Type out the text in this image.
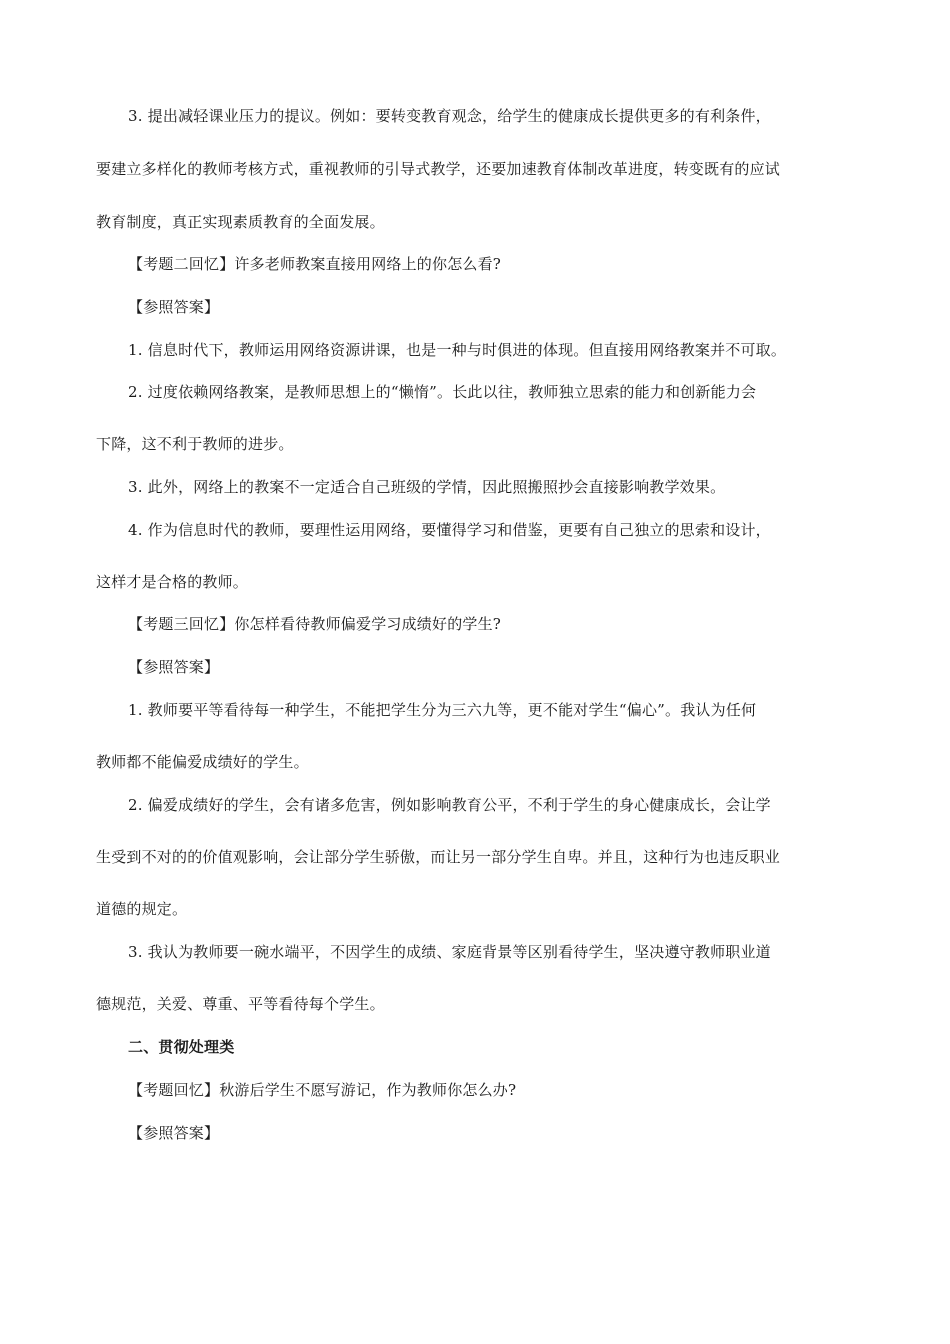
3. 提出减轻课业压力的提议。例如：要转变教育观念，给学生的健康成长提供更多的有利条件，
要建立多样化的教师考核方式，重视教师的引导式教学，还要加速教育体制改革进度，转变既有的应试
教育制度，真正实现素质教育的全面发展。
【考题二回忆】许多老师教案直接用网络上的你怎么看?
【参照答案】
1. 信息时代下，教师运用网络资源讲课，也是一种与时俱进的体现。但直接用网络教案并不可取。
2. 过度依赖网络教案，是教师思想上的“懒惰”。长此以往，教师独立思索的能力和创新能力会
下降，这不利于教师的进步。
3. 此外，网络上的教案不一定适合自己班级的学情，因此照搬照抄会直接影响教学效果。
4. 作为信息时代的教师，要理性运用网络，要懂得学习和借鉴，更要有自己独立的思索和设计，
这样才是合格的教师。
【考题三回忆】你怎样看待教师偏爱学习成绩好的学生?
【参照答案】
1. 教师要平等看待每一种学生，不能把学生分为三六九等，更不能对学生“偏心”。我认为任何
教师都不能偏爱成绩好的学生。
2. 偏爱成绩好的学生，会有诸多危害，例如影响教育公平，不利于学生的身心健康成长，会让学
生受到不对的的价值观影响，会让部分学生骄傲，而让另一部分学生自卑。并且，这种行为也违反职业
道德的规定。
3. 我认为教师要一碗水端平，不因学生的成绩、家庭背景等区别看待学生，坚决遵守教师职业道
德规范，关爱、尊重、平等看待每个学生。
二、贯彻处理类
【考题回忆】秋游后学生不愿写游记，作为教师你怎么办?
【参照答案】
